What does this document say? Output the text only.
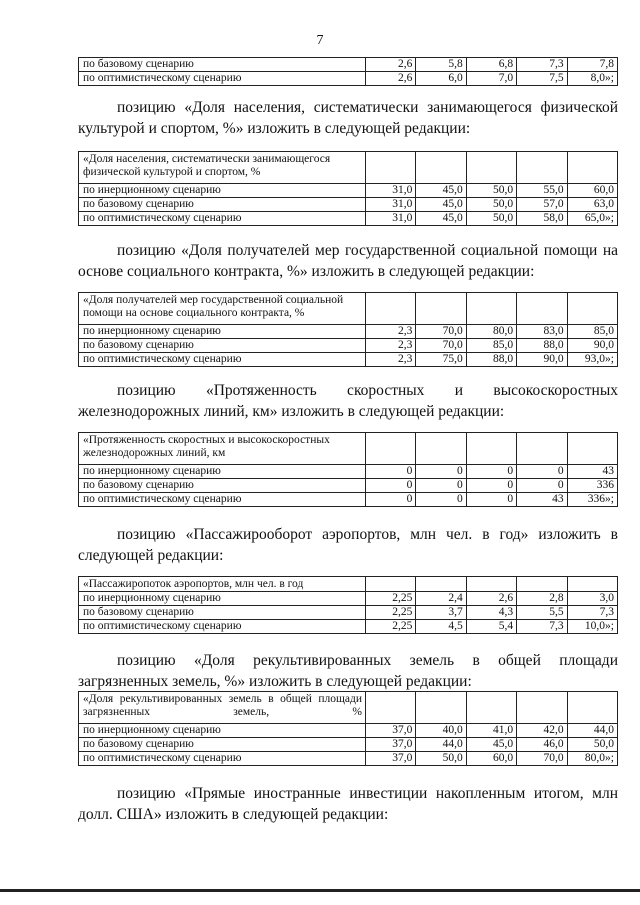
7
по базовому сценарию	2,6	5,8	6,8	7,3	7,8
по оптимистическому сценарию	2,6	6,0	7,0	7,5	8,0»;
позицию «Доля населения, систематически занимающегося физической культурой и спортом, %» изложить в следующей редакции:
«Доля населения, систематически занимающегося физической культурой и спортом, %					
по инерционному сценарию	31,0	45,0	50,0	55,0	60,0
по базовому сценарию	31,0	45,0	50,0	57,0	63,0
по оптимистическому сценарию	31,0	45,0	50,0	58,0	65,0»;
позицию «Доля получателей мер государственной социальной помощи на основе социального контракта, %» изложить в следующей редакции:
«Доля получателей мер государственной социальной помощи на основе социального контракта, %					
по инерционному сценарию	2,3	70,0	80,0	83,0	85,0
по базовому сценарию	2,3	70,0	85,0	88,0	90,0
по оптимистическому сценарию	2,3	75,0	88,0	90,0	93,0»;
позицию «Протяженность скоростных и высокоскоростных железнодорожных линий, км» изложить в следующей редакции:
«Протяженность скоростных и высокоскоростных железнодорожных линий, км					
по инерционному сценарию	0	0	0	0	43
по базовому сценарию	0	0	0	0	336
по оптимистическому сценарию	0	0	0	43	336»;
позицию «Пассажирооборот аэропортов, млн чел. в год» изложить в следующей редакции:
«Пассажиропоток аэропортов, млн чел. в год					
по инерционному сценарию	2,25	2,4	2,6	2,8	3,0
по базовому сценарию	2,25	3,7	4,3	5,5	7,3
по оптимистическому сценарию	2,25	4,5	5,4	7,3	10,0»;
позицию «Доля рекультивированных земель в общей площади загрязненных земель, %» изложить в следующей редакции:
«Доля рекультивированных земель в общей площади загрязненных земель, %					
по инерционному сценарию	37,0	40,0	41,0	42,0	44,0
по базовому сценарию	37,0	44,0	45,0	46,0	50,0
по оптимистическому сценарию	37,0	50,0	60,0	70,0	80,0»;
позицию «Прямые иностранные инвестиции накопленным итогом, млн долл. США» изложить в следующей редакции:
